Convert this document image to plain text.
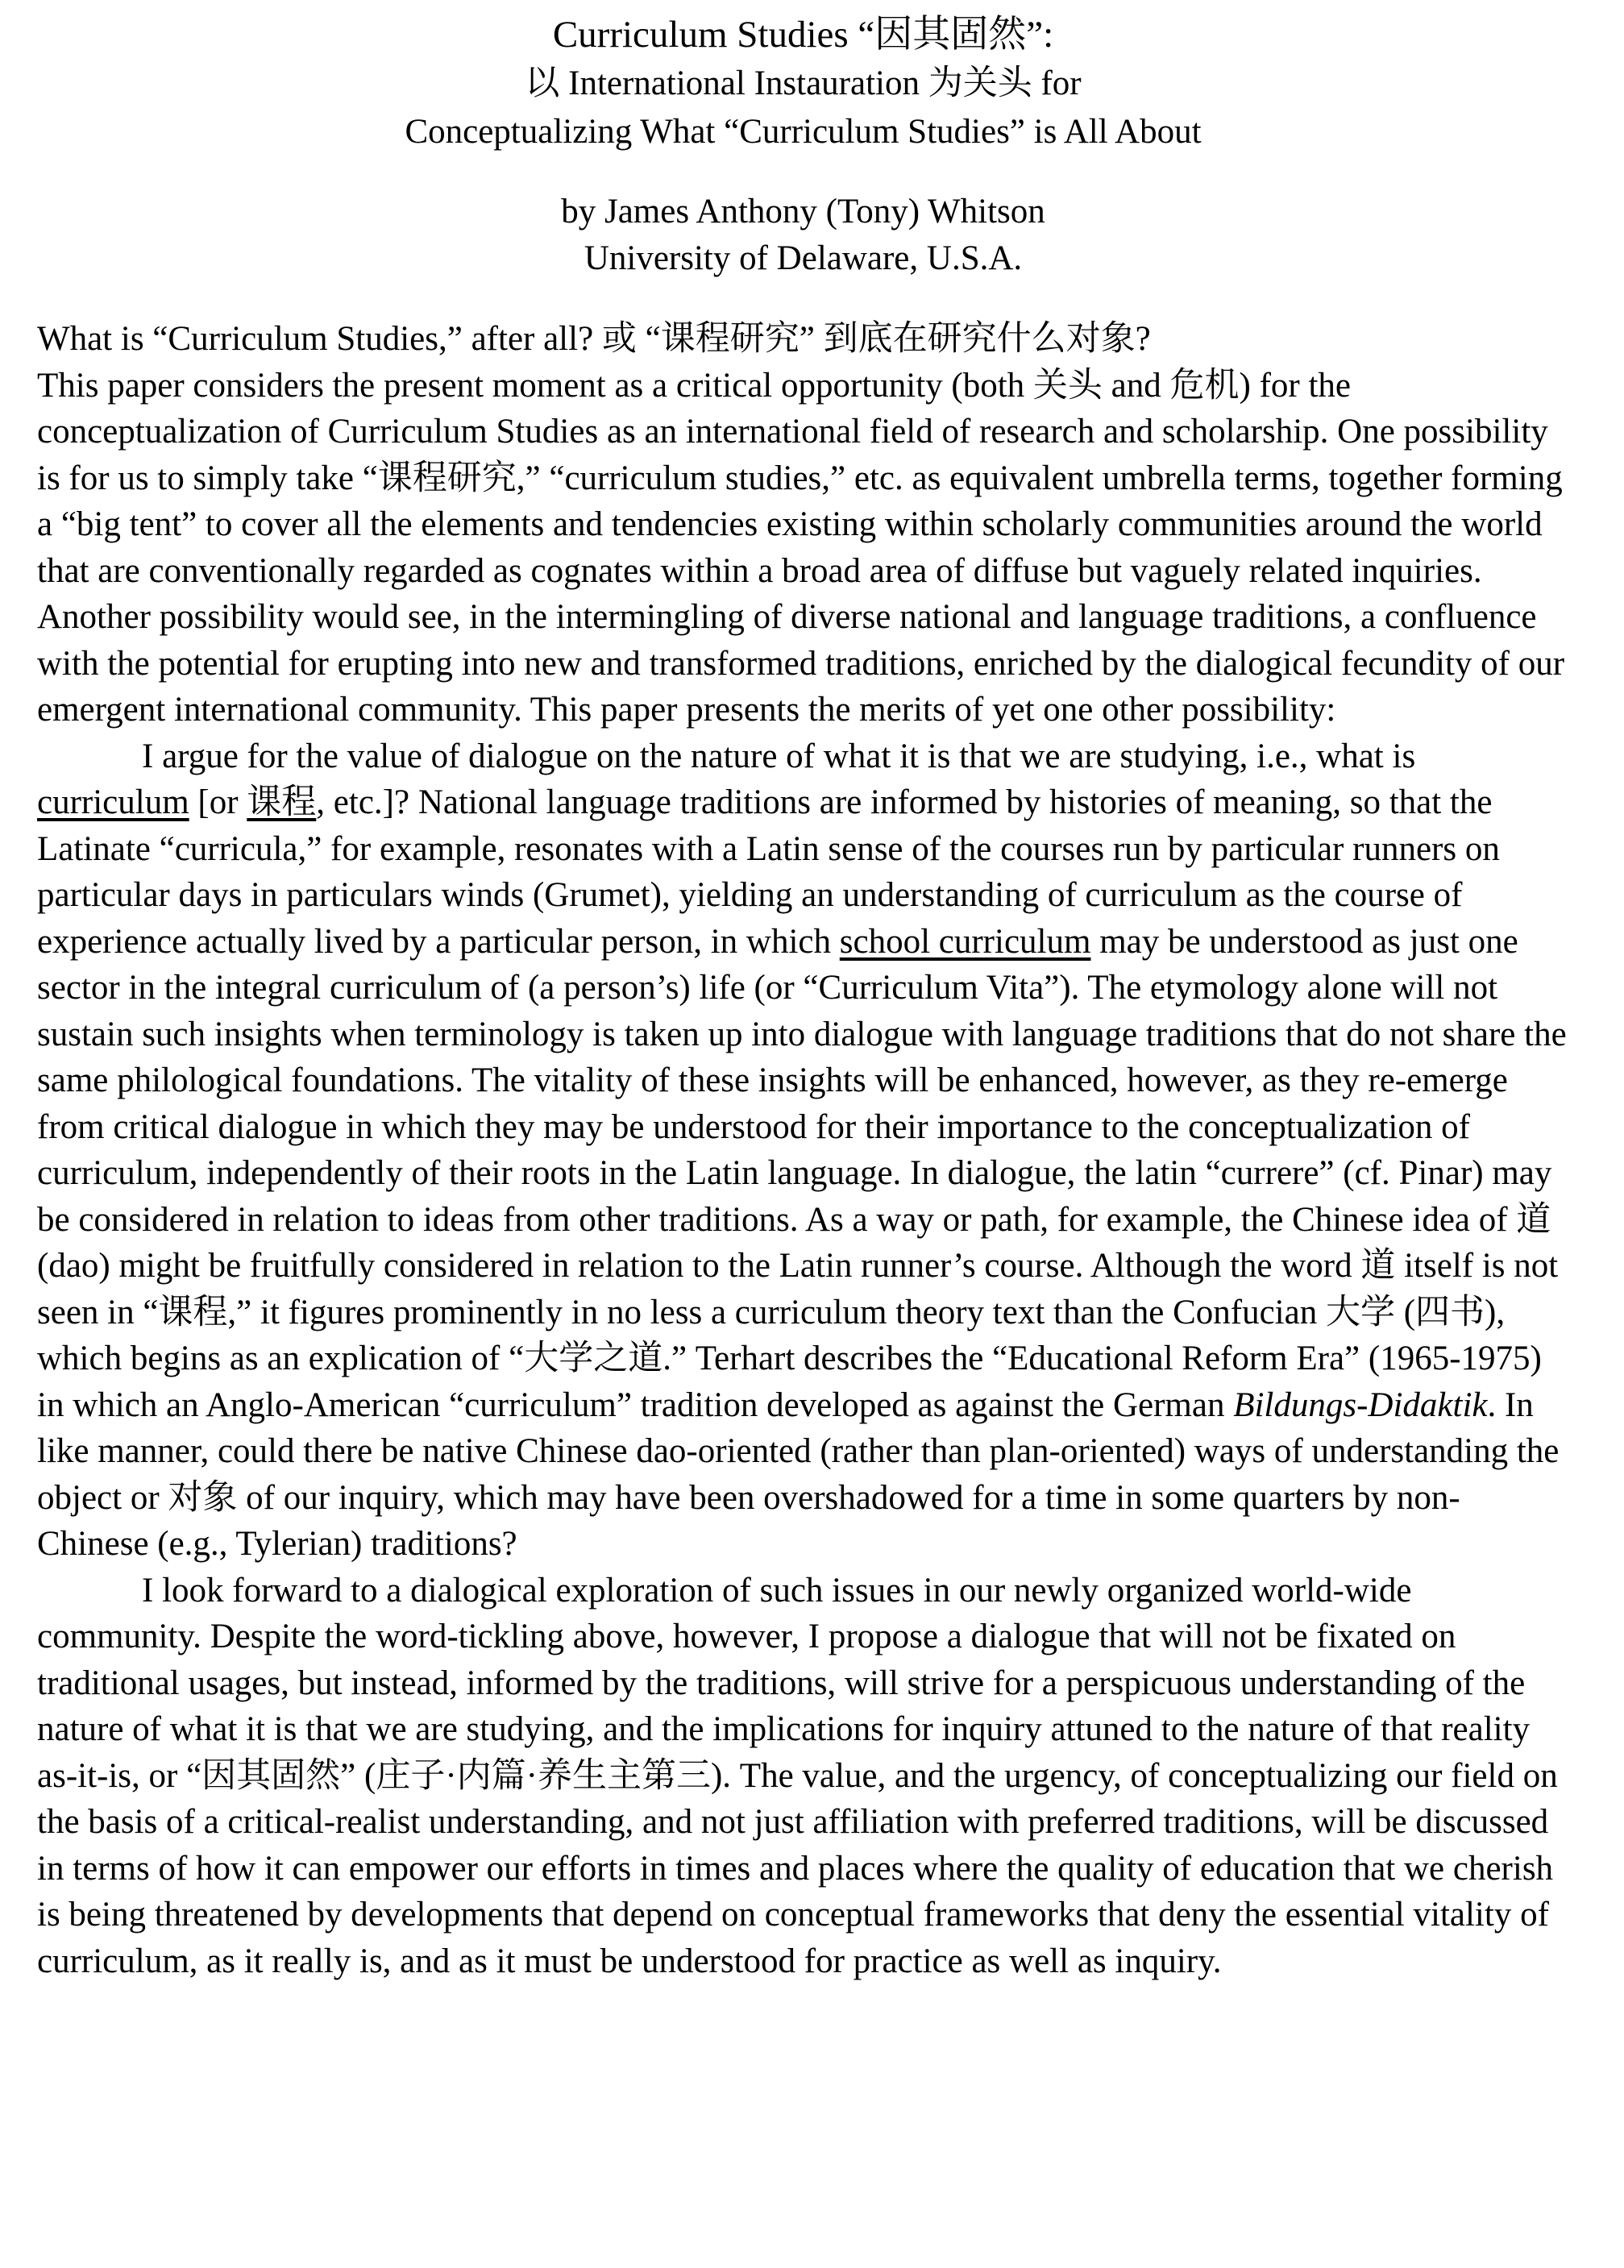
Curriculum Studies “因其固然”:
以 International Instauration 为关头 for
Conceptualizing What “Curriculum Studies” is All About
by James Anthony (Tony) Whitson
University of Delaware, U.S.A.

What is “Curriculum Studies,” after all? 或 “课程研究” 到底在研究什么对象?

This paper considers the present moment as a critical opportunity (both 关头 and 危机) for the conceptualization of Curriculum Studies as an international field of research and scholarship. One possibility is for us to simply take “课程研究,” “curriculum studies,” etc. as equivalent umbrella terms, together forming a “big tent” to cover all the elements and tendencies existing within scholarly communities around the world that are conventionally regarded as cognates within a broad area of diffuse but vaguely related inquiries. Another possibility would see, in the intermingling of diverse national and language traditions, a confluence with the potential for erupting into new and transformed traditions, enriched by the dialogical fecundity of our emergent international community. This paper presents the merits of yet one other possibility:

I argue for the value of dialogue on the nature of what it is that we are studying, i.e., what is curriculum [or 课程, etc.]? National language traditions are informed by histories of meaning, so that the Latinate “curricula,” for example, resonates with a Latin sense of the courses run by particular runners on particular days in particulars winds (Grumet), yielding an understanding of curriculum as the course of experience actually lived by a particular person, in which school curriculum may be understood as just one sector in the integral curriculum of (a person’s) life (or “Curriculum Vita”). The etymology alone will not sustain such insights when terminology is taken up into dialogue with language traditions that do not share the same philological foundations. The vitality of these insights will be enhanced, however, as they re-emerge from critical dialogue in which they may be understood for their importance to the conceptualization of curriculum, independently of their roots in the Latin language. In dialogue, the latin “currere” (cf. Pinar) may be considered in relation to ideas from other traditions. As a way or path, for example, the Chinese idea of 道 (dao) might be fruitfully considered in relation to the Latin runner’s course. Although the word 道 itself is not seen in “课程,” it figures prominently in no less a curriculum theory text than the Confucian 大学 (四书), which begins as an explication of “大学之道.” Terhart describes the “Educational Reform Era” (1965-1975) in which an Anglo-American “curriculum” tradition developed as against the German Bildungs-Didaktik. In like manner, could there be native Chinese dao-oriented (rather than plan-oriented) ways of understanding the object or 对象 of our inquiry, which may have been overshadowed for a time in some quarters by non-Chinese (e.g., Tylerian) traditions?

I look forward to a dialogical exploration of such issues in our newly organized world-wide community. Despite the word-tickling above, however, I propose a dialogue that will not be fixated on traditional usages, but instead, informed by the traditions, will strive for a perspicuous understanding of the nature of what it is that we are studying, and the implications for inquiry attuned to the nature of that reality as-it-is, or “因其固然” (庄子·内篇·养生主第三). The value, and the urgency, of conceptualizing our field on the basis of a critical-realist understanding, and not just affiliation with preferred traditions, will be discussed in terms of how it can empower our efforts in times and places where the quality of education that we cherish is being threatened by developments that depend on conceptual frameworks that deny the essential vitality of curriculum, as it really is, and as it must be understood for practice as well as inquiry.
